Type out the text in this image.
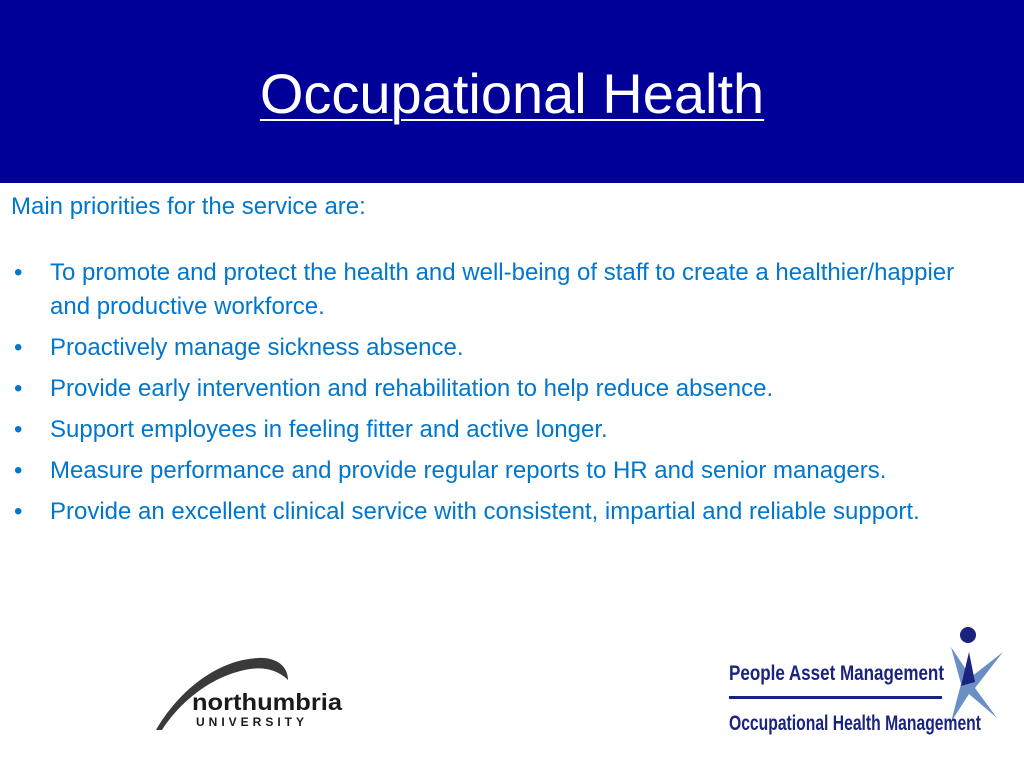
Occupational Health

Main priorities for the service are:

• To promote and protect the health and well-being of staff to create a healthier/happier and productive workforce.
• Proactively manage sickness absence.
• Provide early intervention and rehabilitation to help reduce absence.
• Support employees in feeling fitter and active longer.
• Measure performance and provide regular reports to HR and senior managers.
• Provide an excellent clinical service with consistent, impartial and reliable support.
northumbria
UNIVERSITY
People Asset Management
Occupational Health Management
